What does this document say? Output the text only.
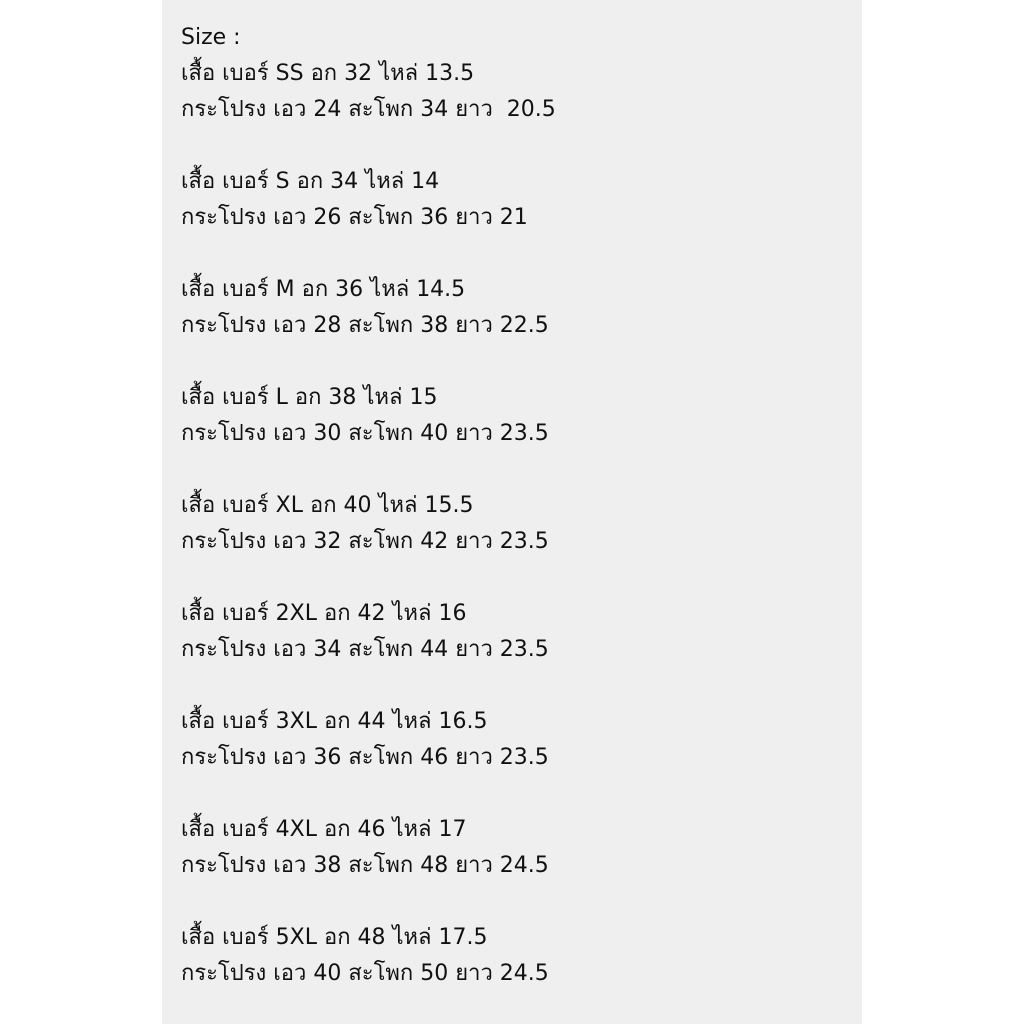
Size :
เสื้อ เบอร์ SS อก 32 ไหล่ 13.5
กระโปรง เอว 24 สะโพก 34 ยาว  20.5
เสื้อ เบอร์ S อก 34 ไหล่ 14
กระโปรง เอว 26 สะโพก 36 ยาว 21
เสื้อ เบอร์ M อก 36 ไหล่ 14.5
กระโปรง เอว 28 สะโพก 38 ยาว 22.5
เสื้อ เบอร์ L อก 38 ไหล่ 15
กระโปรง เอว 30 สะโพก 40 ยาว 23.5
เสื้อ เบอร์ XL อก 40 ไหล่ 15.5
กระโปรง เอว 32 สะโพก 42 ยาว 23.5
เสื้อ เบอร์ 2XL อก 42 ไหล่ 16
กระโปรง เอว 34 สะโพก 44 ยาว 23.5
เสื้อ เบอร์ 3XL อก 44 ไหล่ 16.5
กระโปรง เอว 36 สะโพก 46 ยาว 23.5
เสื้อ เบอร์ 4XL อก 46 ไหล่ 17
กระโปรง เอว 38 สะโพก 48 ยาว 24.5
เสื้อ เบอร์ 5XL อก 48 ไหล่ 17.5
กระโปรง เอว 40 สะโพก 50 ยาว 24.5
